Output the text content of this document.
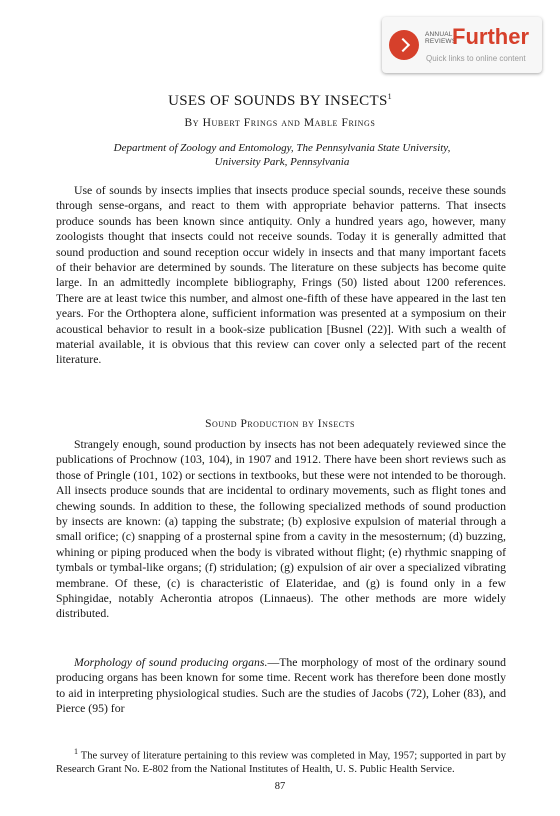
ANNUAL
REVIEWS
Further
Quick links to online content
USES OF SOUNDS BY INSECTS$^1$
By Hubert Frings and Mable Frings
Department of Zoology and Entomology, The Pennsylvania State University,
University Park, Pennsylvania

Use of sounds by insects implies that insects produce special sounds, receive these sounds through sense-organs, and react to them with appropriate behavior patterns. That insects produce sounds has been known since antiquity. Only a hundred years ago, however, many zoologists thought that insects could not receive sounds. Today it is generally admitted that sound production and sound reception occur widely in insects and that many important facets of their behavior are determined by sounds. The literature on these subjects has become quite large. In an admittedly incomplete bibliography, Frings (50) listed about 1200 references. There are at least twice this number, and almost one-fifth of these have appeared in the last ten years. For the Orthoptera alone, sufficient information was presented at a symposium on their acoustical behavior to result in a book-size publication [Busnel (22)]. With such a wealth of material available, it is obvious that this review can cover only a selected part of the recent literature.

Sound Production by Insects

Strangely enough, sound production by insects has not been adequately reviewed since the publications of Prochnow (103, 104), in 1907 and 1912. There have been short reviews such as those of Pringle (101, 102) or sections in textbooks, but these were not intended to be thorough. All insects produce sounds that are incidental to ordinary movements, such as flight tones and chewing sounds. In addition to these, the following specialized methods of sound production by insects are known: (a) tapping the substrate; (b) explosive expulsion of material through a small orifice; (c) snapping of a prosternal spine from a cavity in the mesosternum; (d) buzzing, whining or piping produced when the body is vibrated without flight; (e) rhythmic snapping of tymbals or tymbal-like organs; (f) stridulation; (g) expulsion of air over a specialized vibrating membrane. Of these, (c) is characteristic of Elateridae, and (g) is found only in a few Sphingidae, notably Acherontia atropos (Linnaeus). The other methods are more widely distributed.

Morphology of sound producing organs.—The morphology of most of the ordinary sound producing organs has been known for some time. Recent work has therefore been done mostly to aid in interpreting physiological studies. Such are the studies of Jacobs (72), Loher (83), and Pierce (95) for

$^1$ The survey of literature pertaining to this review was completed in May, 1957; supported in part by Research Grant No. E-802 from the National Institutes of Health, U. S. Public Health Service.
87
